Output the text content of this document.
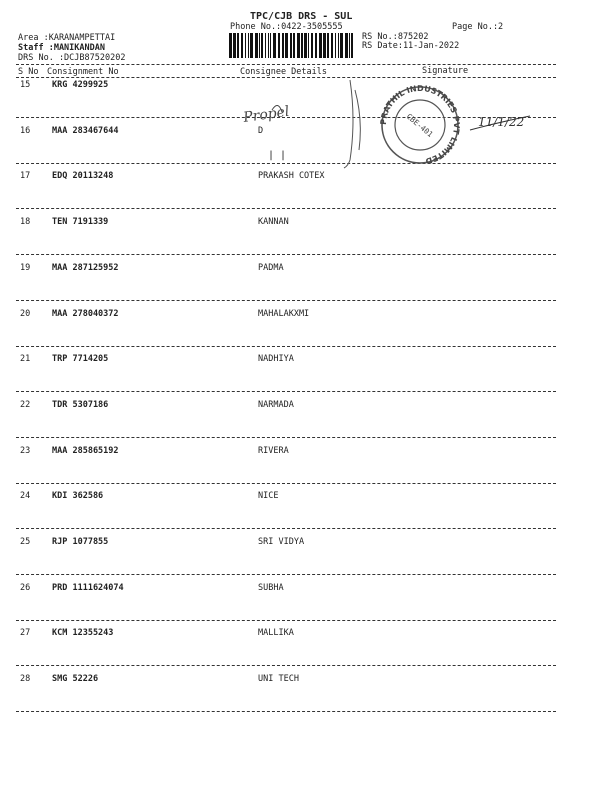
TPC/CJB DRS - SUL
Phone No.:0422-3505555	Page No.:2
RS No.:875202
RS Date:11-Jan-2022
Area :KARANAMPETTAI
Staff :MANIKANDAN
DRS No. :DCJB87520202
S No Consignment No	Consignee Details	Signature
15	KRG 4299925
16	MAA 283467644	D
17	EDQ 20113248	PRAKASH COTEX
18	TEN 7191339	KANNAN
19	MAA 287125952	PADMA
20	MAA 278040372	MAHALAKXMI
21	TRP 7714205	NADHIYA
22	TDR 5307186	NARMADA
23	MAA 285865192	RIVERA
24	KDI 362586	NICE
25	RJP 1077855	SRI VIDYA
26	PRD 1111624074	SUBHA
27	KCM 12355243	MALLIKA
28	SMG 52226	UNI TECH
Propel	PRATHIL INDUSTRIES PVT LIMITED
CBE-401	11/1/22
| |
